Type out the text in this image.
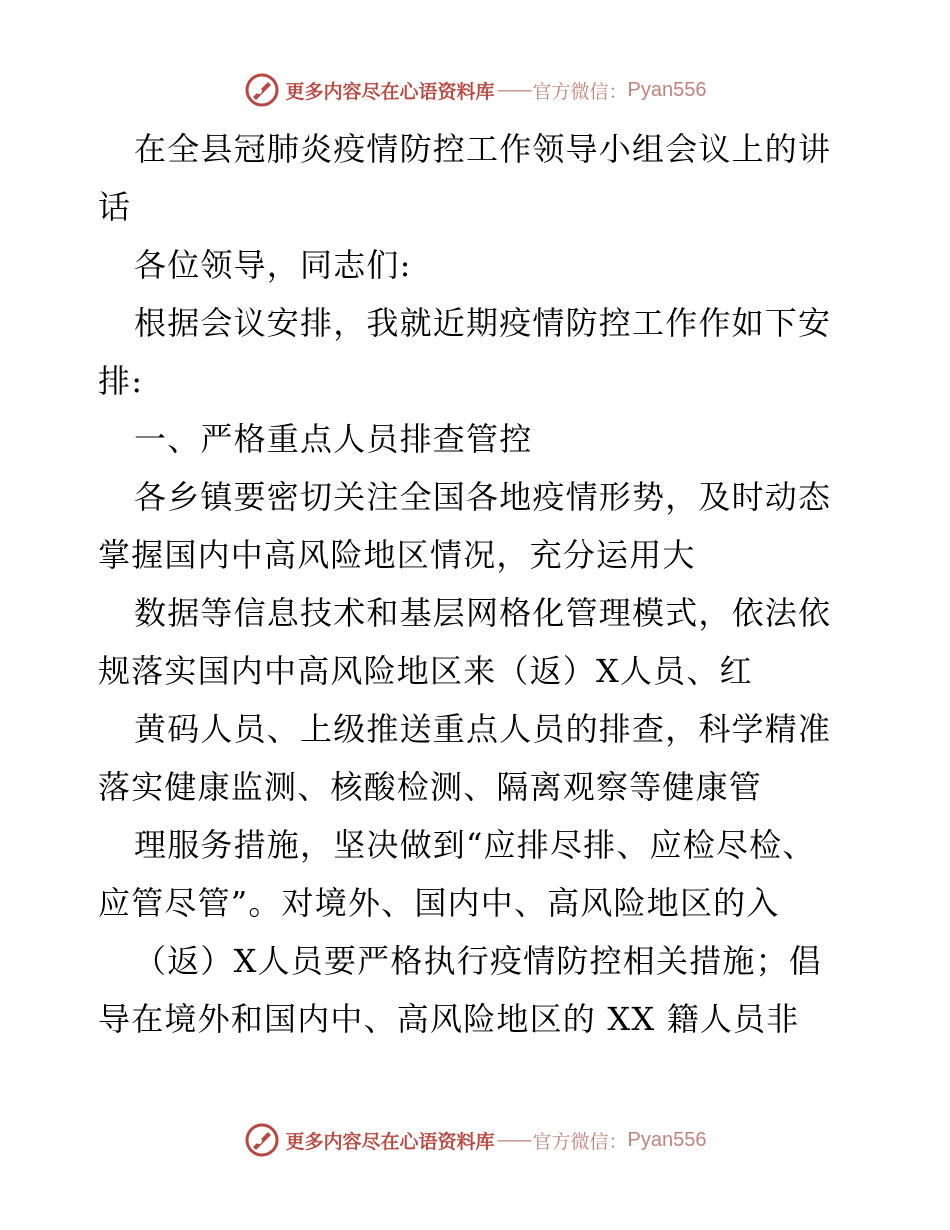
更多内容尽在心语资料库 —— 官方微信： Pyan556
在全县冠肺炎疫情防控工作领导小组会议上的讲
话
各位领导，同志们:
根据会议安排，我就近期疫情防控工作作如下安
排:
一、严格重点人员排查管控
各乡镇要密切关注全国各地疫情形势，及时动态
掌握国内中高风险地区情况，充分运用大
数据等信息技术和基层网格化管理模式，依法依
规落实国内中高风险地区来（返）X人员、红
黄码人员、上级推送重点人员的排查，科学精准
落实健康监测、核酸检测、隔离观察等健康管
理服务措施，坚决做到“应排尽排、应检尽检、
应管尽管”。对境外、国内中、高风险地区的入
（返）X人员要严格执行疫情防控相关措施；倡
导在境外和国内中、高风险地区的 XX 籍人员非
更多内容尽在心语资料库 —— 官方微信： Pyan556
